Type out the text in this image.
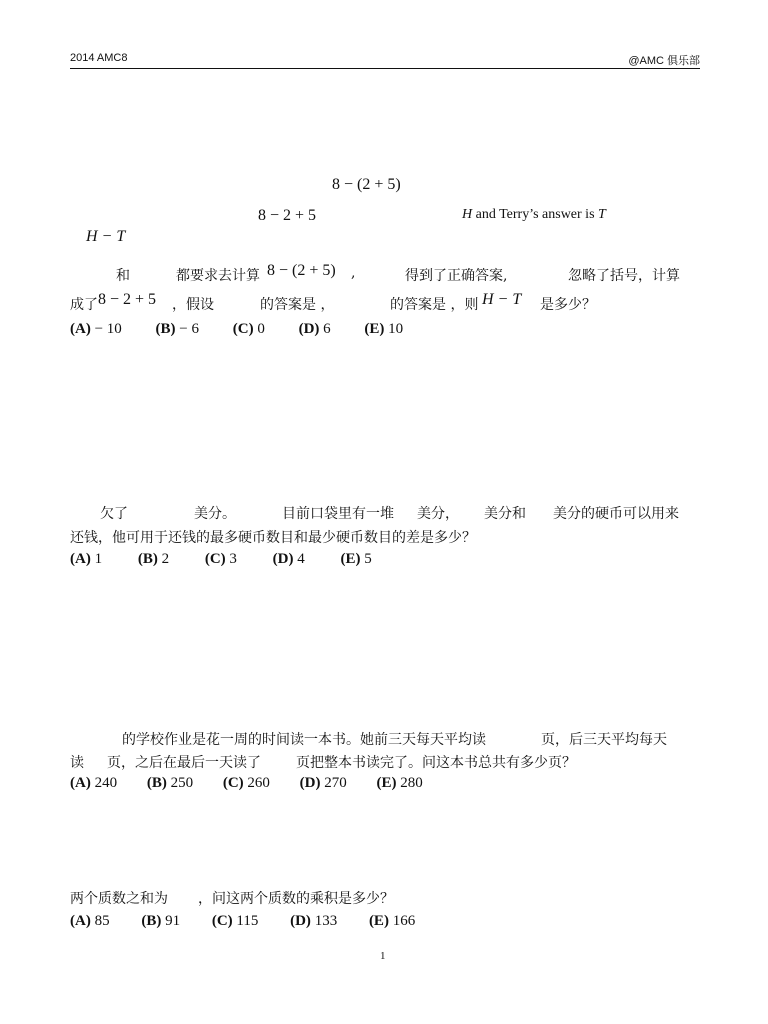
2014 AMC8	@AMC 俱乐部
8 − (2 + 5)
8 − 2 + 5	H and Terry’s answer is T
H − T
和	都要求去计算 8 − (2 + 5) ,	得到了正确答案,	忽略了括号，计算
成了 8 − 2 + 5 ，假设	的答案是 ，	的答案是 ，则 H − T 是多少？
(A) − 10 (B) − 6 (C) 0 (D) 6 (E) 10
欠了	美分。	目前口袋里有一堆 美分， 美分和 美分的硬币可以用来
还钱，他可用于还钱的最多硬币数目和最少硬币数目的差是多少？
(A) 1 (B) 2 (C) 3 (D) 4 (E) 5
的学校作业是花一周的时间读一本书。她前三天每天平均读	页，后三天平均每天
读 页，之后在最后一天读了	页把整本书读完了。问这本书总共有多少页？
(A) 240 (B) 250 (C) 260 (D) 270 (E) 280
两个质数之和为 ，问这两个质数的乘积是多少？
(A) 85 (B) 91 (C) 115 (D) 133 (E) 166
1
